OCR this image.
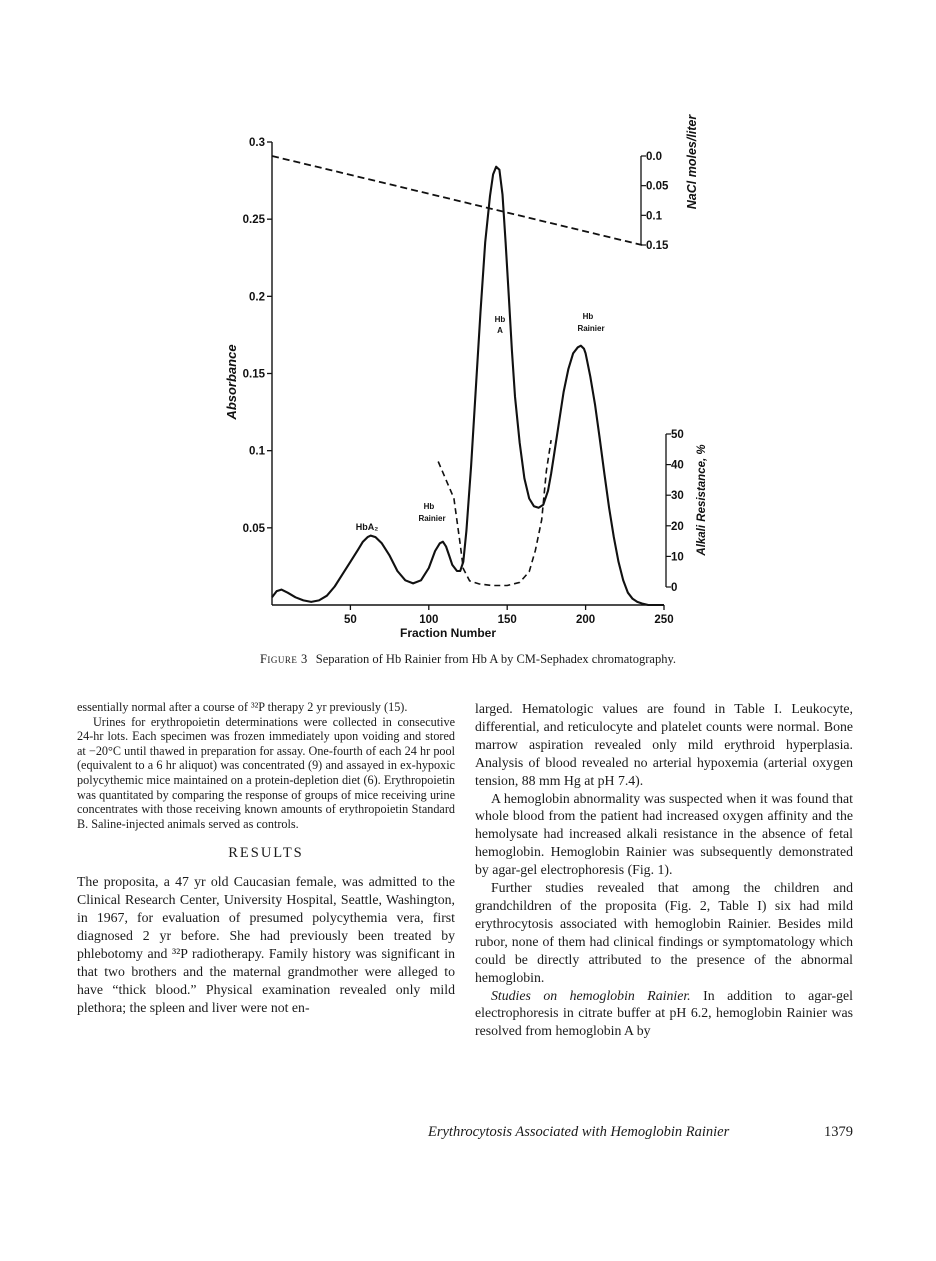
0.05
0.1
0.15
0.2
0.25
0.3
50	100	150	200	250
0.0
0.05
0.1
0.15
0
10
20
30
40
50
Absorbance
Fraction Number
NaCl moles/liter
Alkali Resistance, %
HbA₂
Hb
Rainier
Hb
A
Hb
Rainier
Figure 3 Separation of Hb Rainier from Hb A by CM-Sephadex chromatography.

essentially normal after a course of ³²P therapy 2 yr previously (15).

Urines for erythropoietin determinations were collected in consecutive 24-hr lots. Each specimen was frozen immediately upon voiding and stored at −20°C until thawed in preparation for assay. One-fourth of each 24 hr pool (equivalent to a 6 hr aliquot) was concentrated (9) and assayed in ex-hypoxic polycythemic mice maintained on a protein-depletion diet (6). Erythropoietin was quantitated by comparing the response of groups of mice receiving urine concentrates with those receiving known amounts of erythropoietin Standard B. Saline-injected animals served as controls.

RESULTS

The proposita, a 47 yr old Caucasian female, was admitted to the Clinical Research Center, University Hospital, Seattle, Washington, in 1967, for evaluation of presumed polycythemia vera, first diagnosed 2 yr before. She had previously been treated by phlebotomy and ³²P radiotherapy. Family history was significant in that two brothers and the maternal grandmother were alleged to have “thick blood.” Physical examination revealed only mild plethora; the spleen and liver were not en-

larged. Hematologic values are found in Table I. Leukocyte, differential, and reticulocyte and platelet counts were normal. Bone marrow aspiration revealed only mild erythroid hyperplasia. Analysis of blood revealed no arterial hypoxemia (arterial oxygen tension, 88 mm Hg at pH 7.4).

A hemoglobin abnormality was suspected when it was found that whole blood from the patient had increased oxygen affinity and the hemolysate had increased alkali resistance in the absence of fetal hemoglobin. Hemoglobin Rainier was subsequently demonstrated by agar-gel electrophoresis (Fig. 1).

Further studies revealed that among the children and grandchildren of the proposita (Fig. 2, Table I) six had mild erythrocytosis associated with hemoglobin Rainier. Besides mild rubor, none of them had clinical findings or symptomatology which could be directly attributed to the presence of the abnormal hemoglobin.

Studies on hemoglobin Rainier. In addition to agar-gel electrophoresis in citrate buffer at pH 6.2, hemoglobin Rainier was resolved from hemoglobin A by

Erythrocytosis Associated with Hemoglobin Rainier	1379
